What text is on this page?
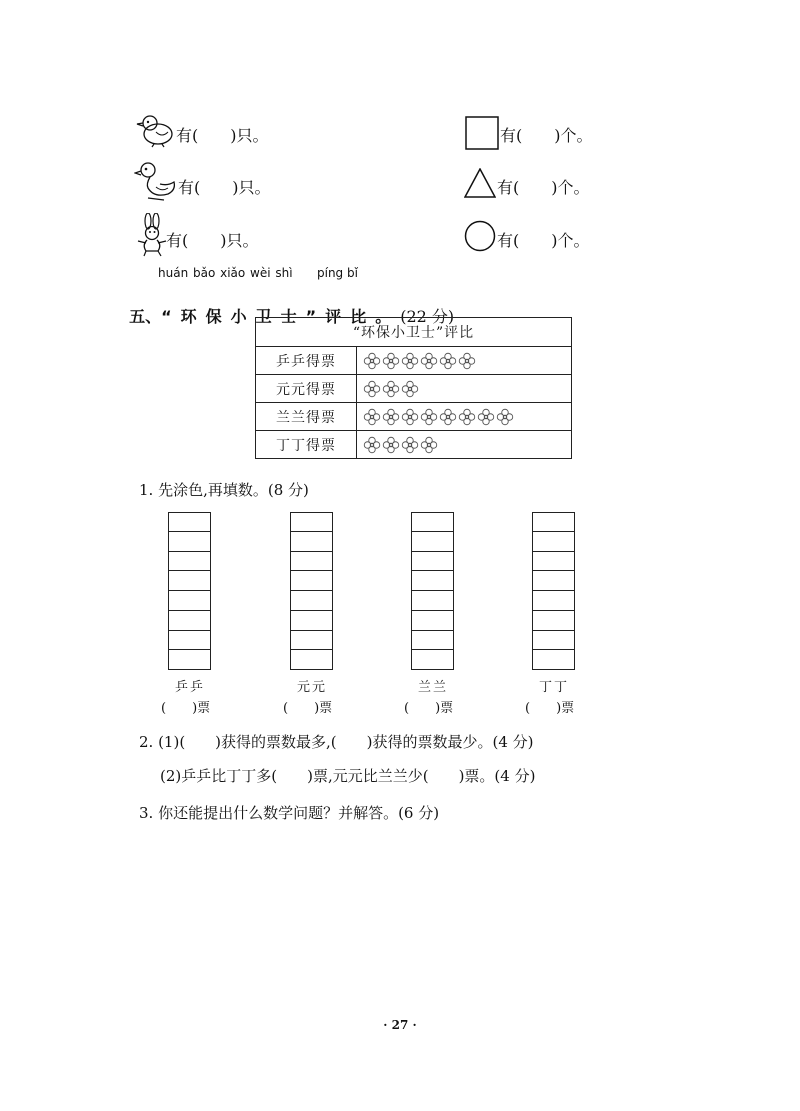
有(　　)只。
有(　　)只。
有(　　)只。
有(　　)个。
有(　　)个。
有(　　)个。
huán bǎo xiǎo wèi shì píng bǐ

五、“环保小卫士”评比。(22 分)

“环保小卫士”评比	
乒乒得票	
元元得票	
兰兰得票	
丁丁得票	
1. 先涂色,再填数。(8 分)
乒乒	元元	兰兰	丁丁
(　　)票	(　　)票	(　　)票	(　　)票
2. (1)(　　)获得的票数最多,(　　)获得的票数最少。(4 分)
(2)乒乒比丁丁多(　　)票,元元比兰兰少(　　)票。(4 分)
3. 你还能提出什么数学问题？并解答。(6 分)
· 27 ·
